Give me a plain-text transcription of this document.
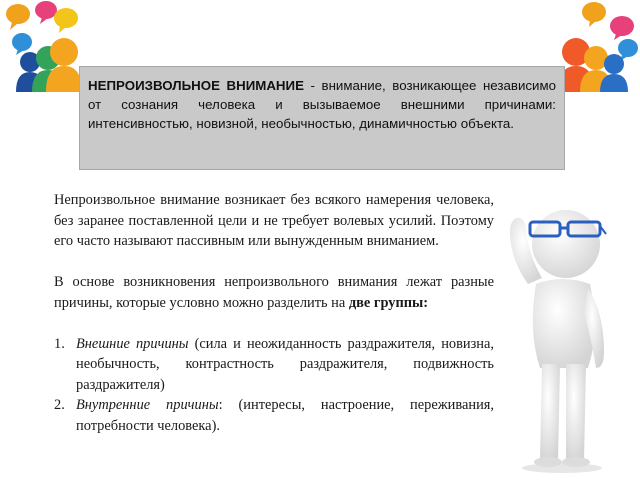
НЕПРОИЗВОЛЬНОЕ ВНИМАНИЕ - внимание, возникающее независимо от сознания человека и вызываемое внешними причинами: интенсивностью, новизной, необычностью, динамичностью объекта.

Непроизвольное внимание возникает без всякого намерения человека, без заранее поставленной цели и не требует волевых усилий. Поэтому его часто называют пассивным или вынужденным вниманием.

В основе возникновения непроизвольного внимания лежат разные причины, которые условно можно разделить на две группы:

1. Внешние причины (сила и неожиданность раздражителя, новизна, необычность, контрастность раздражителя, подвижность раздражителя)
2. Внутренние причины: (интересы, настроение, переживания, потребности человека).
